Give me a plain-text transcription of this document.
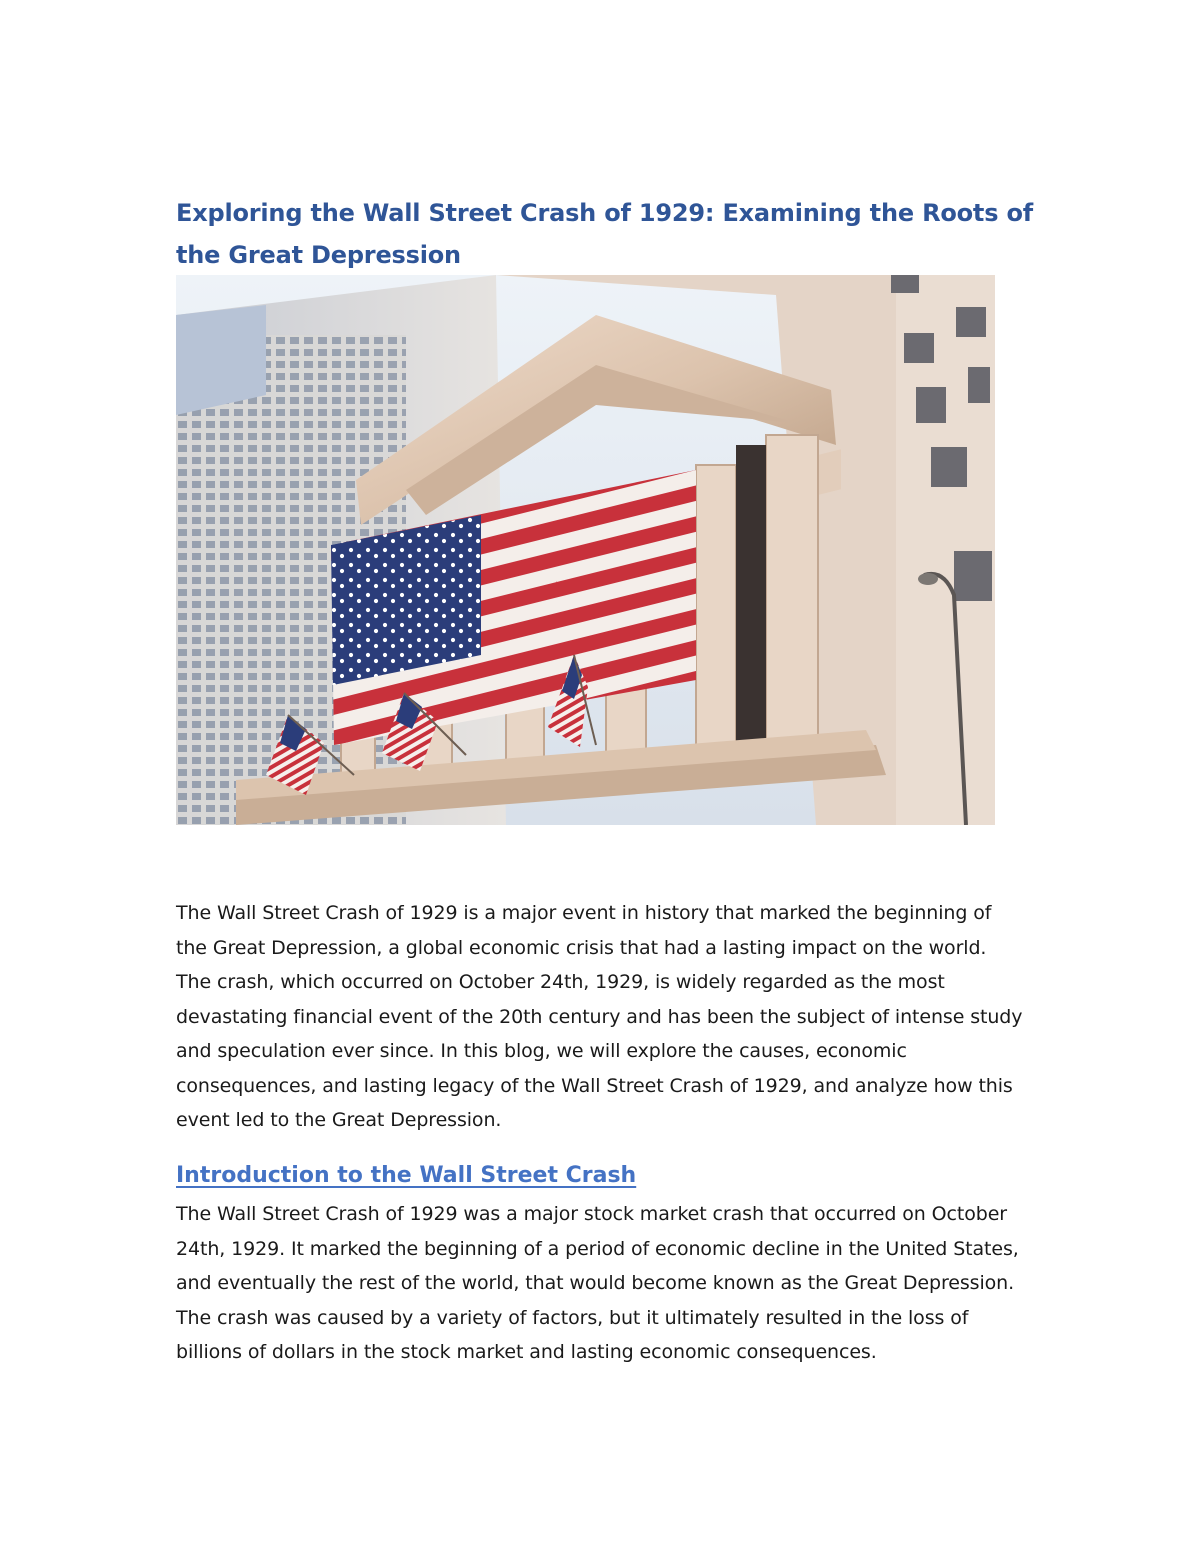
Exploring the Wall Street Crash of 1929: Examining the Roots of the Great Depression

The Wall Street Crash of 1929 is a major event in history that marked the beginning of the Great Depression, a global economic crisis that had a lasting impact on the world. The crash, which occurred on October 24th, 1929, is widely regarded as the most devastating financial event of the 20th century and has been the subject of intense study and speculation ever since. In this blog, we will explore the causes, economic consequences, and lasting legacy of the Wall Street Crash of 1929, and analyze how this event led to the Great Depression.

Introduction to the Wall Street Crash

The Wall Street Crash of 1929 was a major stock market crash that occurred on October 24th, 1929. It marked the beginning of a period of economic decline in the United States, and eventually the rest of the world, that would become known as the Great Depression. The crash was caused by a variety of factors, but it ultimately resulted in the loss of billions of dollars in the stock market and lasting economic consequences.
